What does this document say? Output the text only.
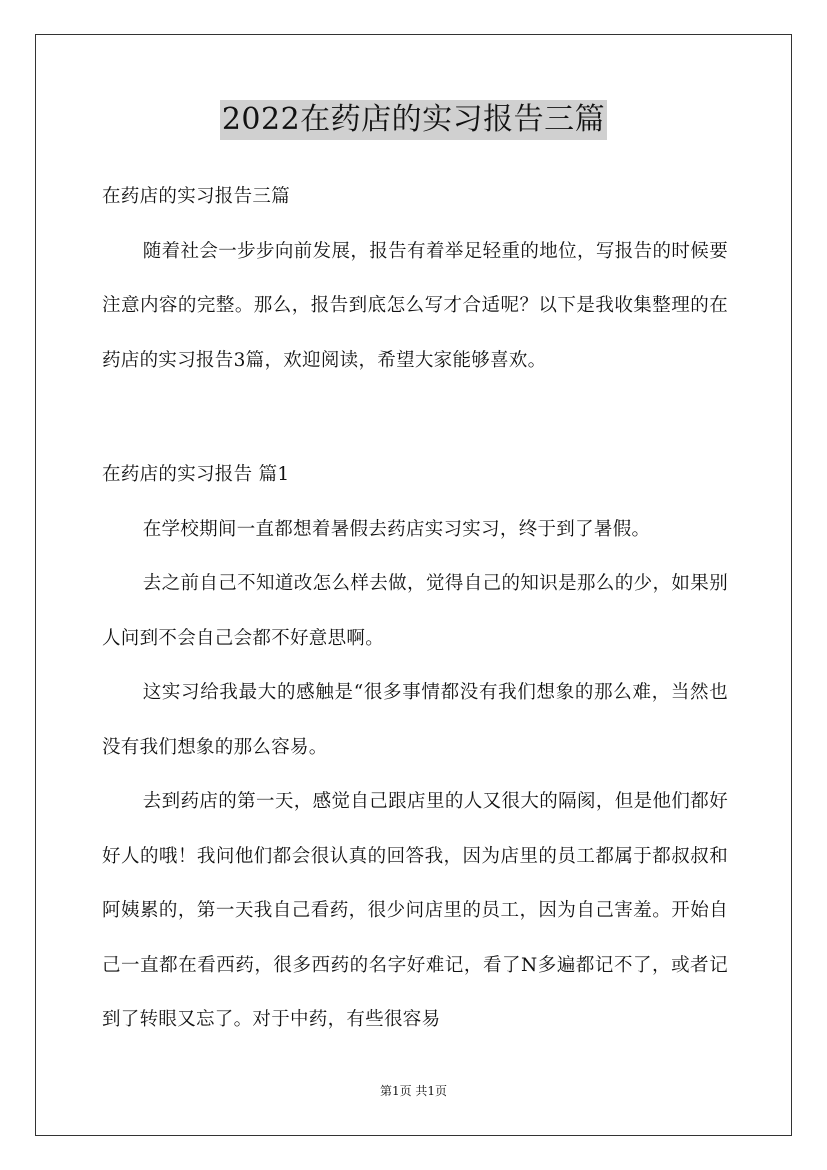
2022在药店的实习报告三篇

在药店的实习报告三篇

随着社会一步步向前发展，报告有着举足轻重的地位，写报告的时候要注意内容的完整。那么，报告到底怎么写才合适呢？以下是我收集整理的在药店的实习报告3篇，欢迎阅读，希望大家能够喜欢。

在药店的实习报告 篇1

在学校期间一直都想着暑假去药店实习实习，终于到了暑假。

去之前自己不知道改怎么样去做，觉得自己的知识是那么的少，如果别人问到不会自己会都不好意思啊。

这实习给我最大的感触是“很多事情都没有我们想象的那么难，当然也没有我们想象的那么容易。

去到药店的第一天，感觉自己跟店里的人又很大的隔阂，但是他们都好好人的哦！我问他们都会很认真的回答我，因为店里的员工都属于都叔叔和阿姨累的，第一天我自己看药，很少问店里的员工，因为自己害羞。开始自己一直都在看西药，很多西药的名字好难记，看了N多遍都记不了，或者记到了转眼又忘了。对于中药，有些很容易

第1页 共1页
